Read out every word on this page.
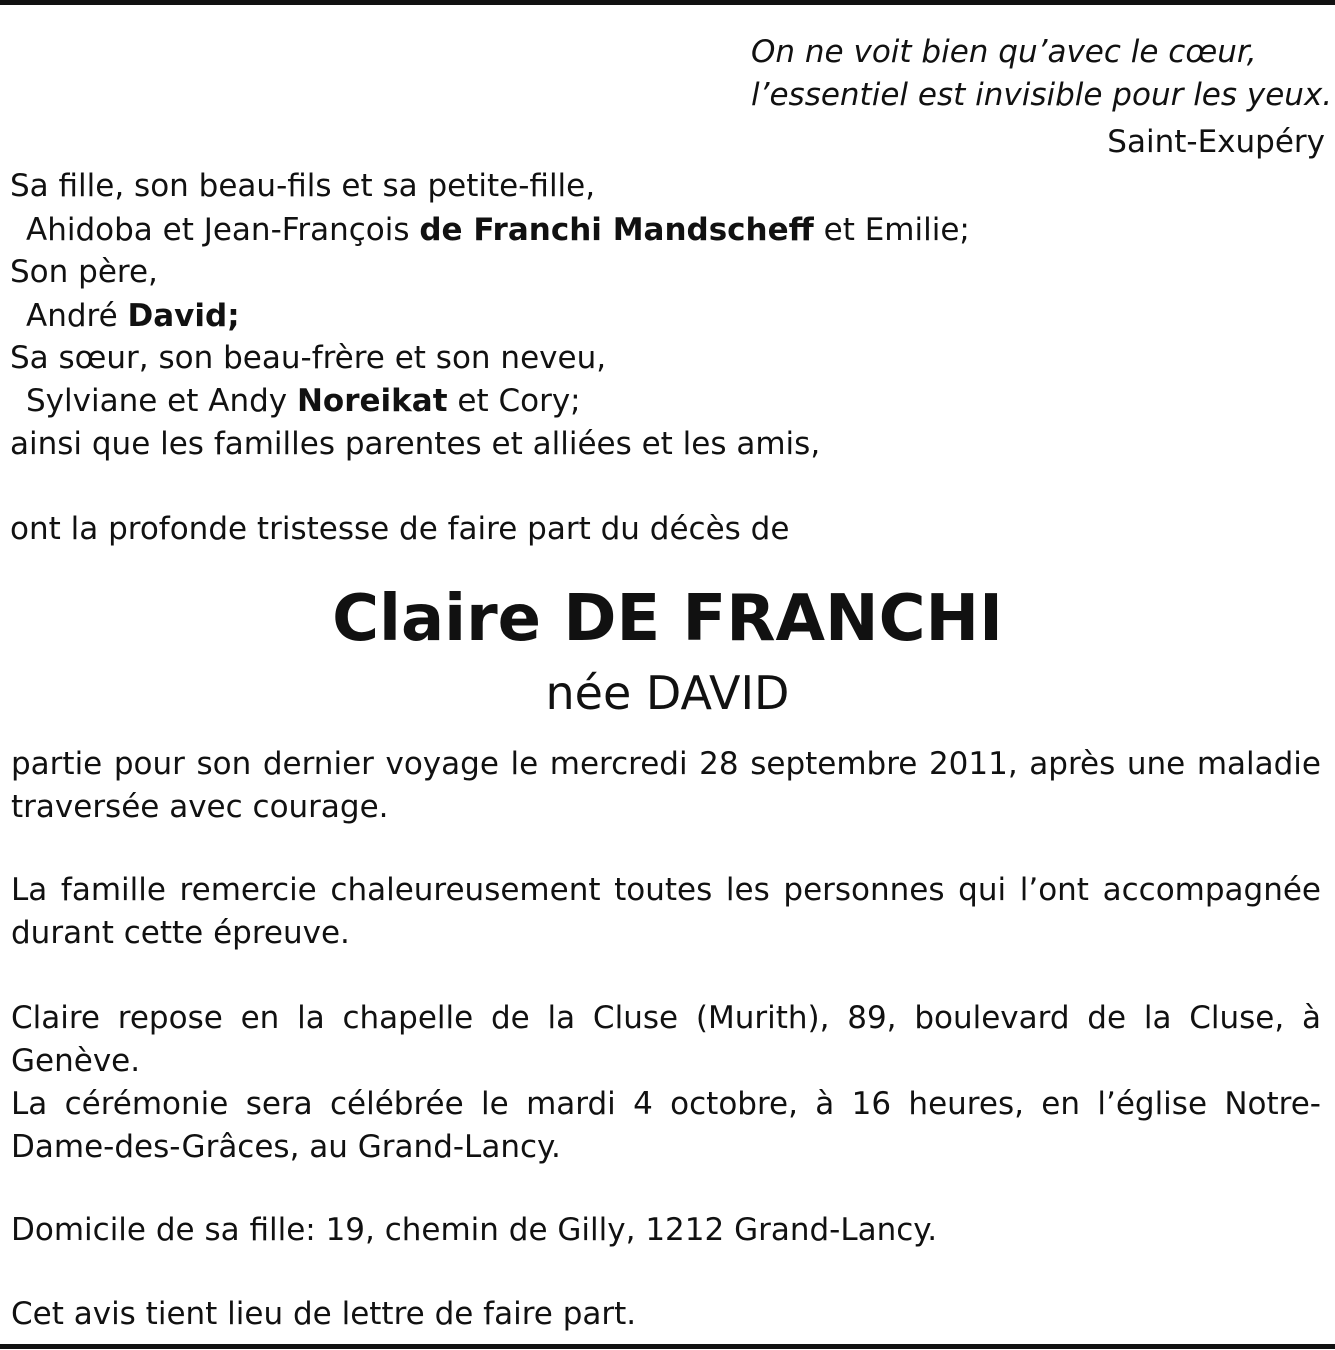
On ne voit bien qu’avec le cœur,
l’essentiel est invisible pour les yeux.
Saint-Exupéry
Sa fille, son beau-fils et sa petite-fille,
Ahidoba et Jean-François de Franchi Mandscheff et Emilie;
Son père,
André David;
Sa sœur, son beau-frère et son neveu,
Sylviane et Andy Noreikat et Cory;
ainsi que les familles parentes et alliées et les amis,
ont la profonde tristesse de faire part du décès de
Claire DE FRANCHI
née DAVID
partie pour son dernier voyage le mercredi 28 septembre 2011, après une maladie traversée avec courage.
La famille remercie chaleureusement toutes les personnes qui l’ont accompagnée durant cette épreuve.
Claire repose en la chapelle de la Cluse (Murith), 89, boulevard de la Cluse, à Genève.
La cérémonie sera célébrée le mardi 4 octobre, à 16 heures, en l’église Notre-Dame-des-Grâces, au Grand-Lancy.
Domicile de sa fille: 19, chemin de Gilly, 1212 Grand-Lancy.
Cet avis tient lieu de lettre de faire part.
